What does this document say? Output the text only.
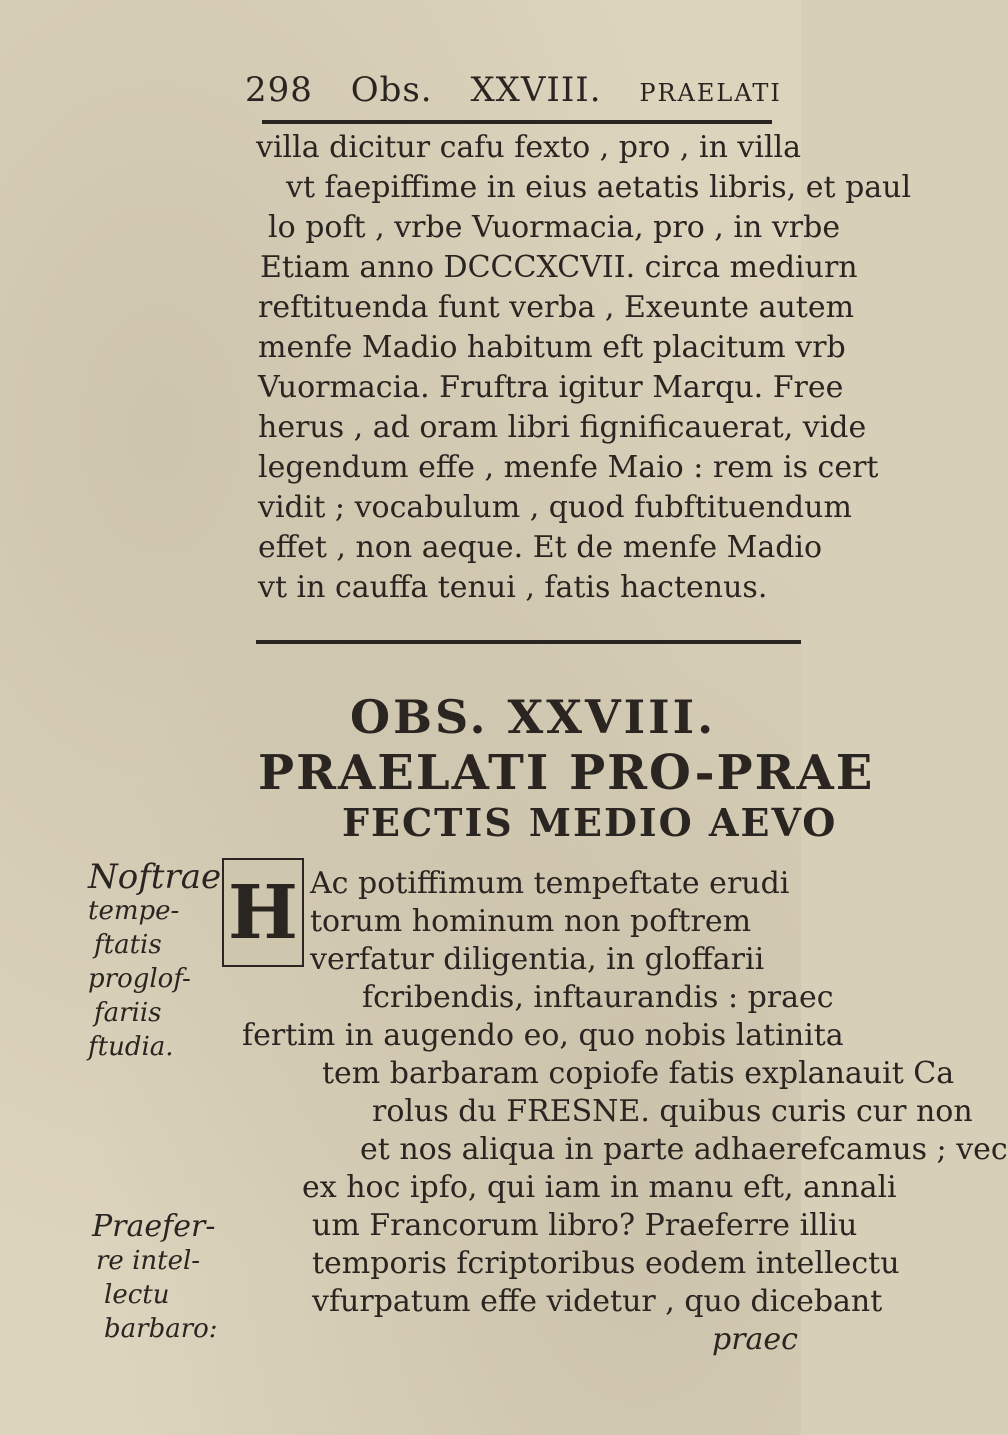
298 Obs. XXVIII. PRAELATI
villa dicitur cafu fexto , pro , in villa
vt faepiffime in eius aetatis libris, et paul
lo poft , vrbe Vuormacia, pro , in vrbe
Etiam anno DCCCXCVII. circa mediurn
reftituenda funt verba , Exeunte autem
menfe Madio habitum eft placitum vrb
Vuormacia. Fruftra igitur Marqu. Free
herus , ad oram libri fignificauerat, vide
legendum effe , menfe Maio : rem is cert
vidit ; vocabulum , quod fubftituendum
effet , non aeque. Et de menfe Madio
vt in cauffa tenui , fatis hactenus.
OBS. XXVIII.
PRAELATI PRO-PRAE
FECTIS MEDIO AEVO
Noftrae
tempe-
ftatis
proglof-
fariis
ftudia.
H Ac potiffimum tempeftate erudi
torum hominum non poftrem
verfatur diligentia, in gloffarii
fcribendis, inftaurandis : praec
fertim in augendo eo, quo nobis latinita
tem barbaram copiofe fatis explanauit Ca
rolus du FRESNE. quibus curis cur non
et nos aliqua in parte adhaerefcamus ; vec
ex hoc ipfo, qui iam in manu eft, annali
um Francorum libro? Praeferre illiu
temporis fcriptoribus eodem intellectu
vfurpatum effe videtur , quo dicebant
praec
Praefer-
re intel-
lectu
barbaro:
